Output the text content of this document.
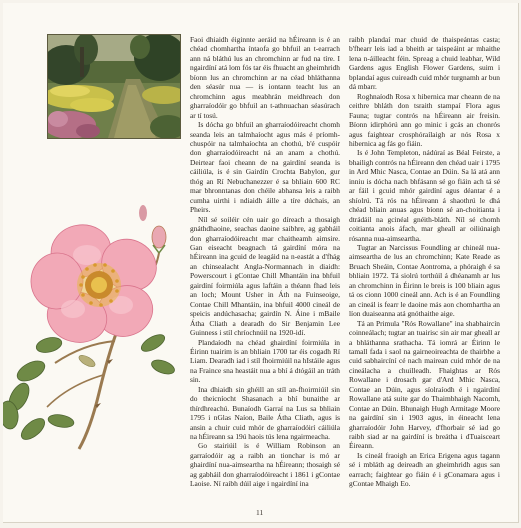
Faoi dhiaidh éiginnte aeráid na hÉireann is é an chéad chomhartha íntaofa go bhfuil an t-earrach ann ná bláthú lus an chromchinn ar fud na tíre. I ngairdíní atá lom fós tar éis fhuacht an gheimhridh bíonn lus an chromchinn ar na céad bhláthanna den séasúr nua — is iontann teacht lus an chromchinn agus meabhrán meidhreach don gharraíodóir go bhfuil an t-athnuachan séasúrach ar tí tosú.

Is dócha go bhfuil an gharraíodóireacht chomh seanda leis an talmhaíocht agus más é príomh-chuspóir na talmhaíochta an chothú, b'é cuspóir don gharraíodóireacht ná an anam a chothú. Deirtear faoi cheann de na gairdíní seanda is cáiliúla, is é sin Gairdín Crochta Babylon, gur thóg an Rí Nebuchanezzer é sa bhliain 600 RC mar bhronntanas don chéile abhansa leis a raibh cumha uirthi i ndiaidh áille a tíre dúchais, an Pheirs.

Níl sé soiléir cén uair go díreach a thosaigh gnáthdhaoine, seachas daoine saibhre, ag gabháil don gharraíodóireacht mar chaitheamh aimsire. Gan eiseacht beagnach tá gairdíní móra na hÉireann ina gcuid de leagáid na n-eastát a d'fhág an chinsealacht Angla-Normannach in diaidh: Powerscourt i gContae Chill Mhantáin ina bhfuil gairdíní foirmiúla agus laftáin a théann fhad leis an loch; Mount Usher in Áth na Fuinseoige, Contae Chill Mhantáin, ina bhfuil 4000 cineál de speicis andúchasacha; gairdín N. Áine i mBaile Átha Cliath a dearadh do Sir Benjamin Lee Guinness i stíl chríochnúil na 1920-idí.

Plandaíodh na chéad ghairdíní foirmiúla in Éirinn tuairim is an bhliain 1700 tar éis cogadh Rí Liam. Dearadh iad i stíl fhoirmiúil na hIstáile agus na Fraince sna heastáit nua a bhí á dtógáil an tráth sin.

Ina dhiaidh sin ghéill an stíl an-fhoirmiúil sin do theicníocht Shasanach a bhí bunaithe ar thírdhreachú. Bunaíodh Garraí na Lus sa bhliain 1795 i nGlas Naíon, Baile Átha Cliath, agus is ansin a chuir cuid mhór de gharraíodóirí cáiliúla na hÉireann sa 19ú haois tús lena ngairmeacha.

Go stairiúil is é William Robinson an garraíodóir ag a raibh an tionchar is mó ar ghairdíní nua-aimseartha na hÉireann; thosaigh sé ag gabháil don gharraíodóireacht i 1861 i gContae Laoise. Ní raibh dúil aige i ngairdíní ina

raibh plandaí mar chuid de thaispeántas casta; b'fhearr leis iad a bheith ar taispeáint ar mhaithe lena n-áilleacht féin. Spreag a chuid leabhar, Wild Gardens agus English Flower Gardens, suim i bplandaí agus cuireadh cuid mhór turgnamh ar bun dá mbarr.

Roghnaíodh Rosa x hibernica mar cheann de na ceithre bhláth don tsraith stampaí Flora agus Fauna; tugtar contrós na hÉireann air freisin. Bíonn idirphórú ann go minic i gcás an chonrós agus faightear crosphóraílaigh ar nós Rosa x hibernica ag fás go fiáin.

Is é John Templeton, nádúraí as Béal Feirste, a bhailigh contrós na hÉireann den chéad uair i 1795 in Ard Mhic Nasca, Contae an Dúin. Sa lá atá ann inniu is dócha nach bhfásann sé go fiáin ach tá sé ar fáil i gcuid mhór gairdíní agus déantar é a shíolrú. Tá rós na hÉireann á shaothrú le dhá chéad bliain anuas agus bíonn sé an-choitianta i dtrádáil na gcinéal gnéith-bláth. Níl sé chomh coitianta anois áfach, mar gheall ar oiliúnaigh rósanna nua-aimseartha.

Tugtar an Narcissus Foundling ar chineál nua-aimseartha de lus an chromchinn; Kate Reade as Bruach Sheáin, Contae Aontroma, a phóraigh é sa bhliain 1972. Tá siolrú torthúil á dhéanamh ar lus an chromchinn in Éirinn le breis is 100 bliain agus tá os cionn 1000 cineál ann. Ach is é an Foundling an cineál is fearr le daoine más aon chomhartha an líon duaiseanna atá gnóthaithe aige.

Tá an Primula "Rós Rowallane" ina shabhaircín coinneálach; tugtar an tuairisc sin air mar gheall ar a bhláthanna srathacha. Tá iomrá ar Éirinn le tamall fada i saol na gairneoireachta de thairbhe a cuid sabhaircíní cé nach mairean cuid mhór de na cineálacha a chuilleadh. Fhaightas ar Rós Rowallane i drosach gar d'Ard Mhic Nasca, Contae an Dúin, agus síolraíodh é i ngairdíní Rowallane atá suite gar do Thaimbhaigh Nacomh, Contae an Dúin. Bhunaigh Hugh Armitage Moore na gairdíní sin i 1903 agus, in éineacht lena gharraíodóir John Harvey, d'fhorbair sé iad go raibh siad ar na gairdíní is breátha i dTuaisceart Éireann.

Is cineál fraoigh an Erica Erigena agus tagann sé i mbláth ag deireadh an gheimhridh agus san earrach; faightear go fiáin é i gConamara agus i gContae Mhaigh Eo.

11
